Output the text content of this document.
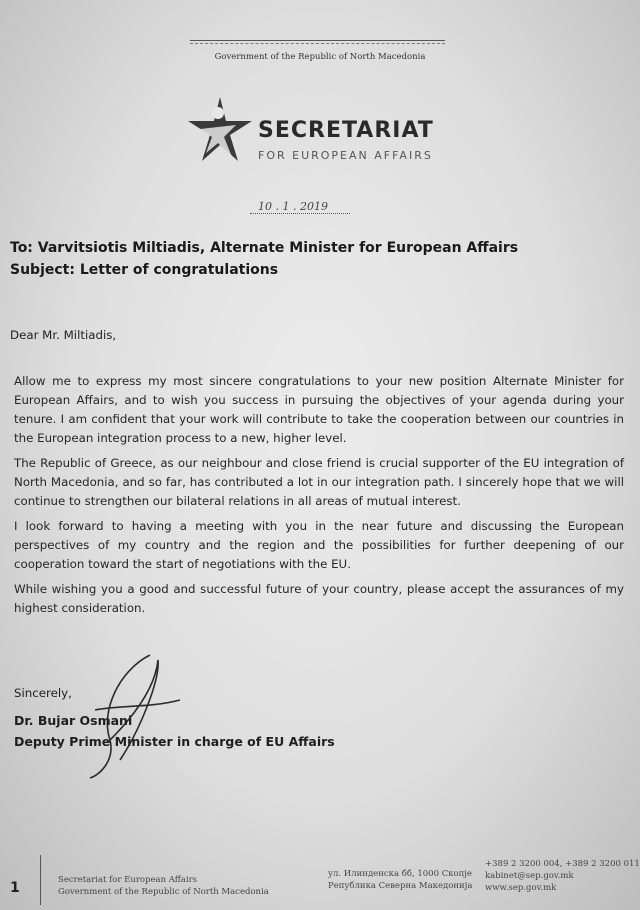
Government of the Republic of North Macedonia
SECRETARIAT
FOR EUROPEAN AFFAIRS
10 . 1 . 2019
To: Varvitsiotis Miltiadis, Alternate Minister for European Affairs
Subject: Letter of congratulations
Dear Mr. Miltiadis,

Allow me to express my most sincere congratulations to your new position Alternate Minister for European Affairs, and to wish you success in pursuing the objectives of your agenda during your tenure. I am confident that your work will contribute to take the cooperation between our countries in the European integration process to a new, higher level.

The Republic of Greece, as our neighbour and close friend is crucial supporter of the EU integration of North Macedonia, and so far, has contributed a lot in our integration path. I sincerely hope that we will continue to strengthen our bilateral relations in all areas of mutual interest.

I look forward to having a meeting with you in the near future and discussing the European perspectives of my country and the region and the possibilities for further deepening of our cooperation toward the start of negotiations with the EU.

While wishing you a good and successful future of your country, please accept the assurances of my highest consideration.

Sincerely,
Dr. Bujar Osmani
Deputy Prime Minister in charge of EU Affairs
1	Secretariat for European Affairs
Government of the Republic of North Macedonia
ул. Илинденска бб, 1000 Скопје
Република Северна Македонија
+389 2 3200 004, +389 2 3200 011
kabinet@sep.gov.mk
www.sep.gov.mk
